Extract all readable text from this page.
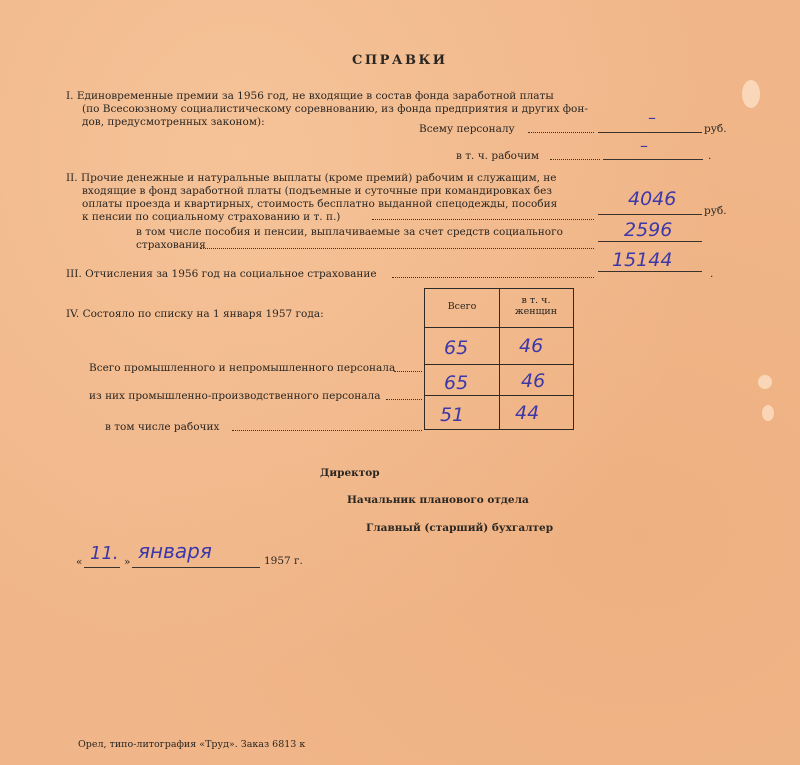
СПРАВКИ
I. Единовременные премии за 1956 год, не входящие в состав фонда заработной платы
(по Всесоюзному социалистическому соревнованию, из фонда предприятия и других фон-
дов, предусмотренных законом):
Всему персоналу
–
руб.
в т. ч. рабочим
–
.
II. Прочие денежные и натуральные выплаты (кроме премий) рабочим и служащим, не
входящие в фонд заработной платы (подъемные и суточные при командировках без
оплаты проезда и квартирных, стоимость бесплатно выданной спецодежды, пособия
к пенсии по социальному страхованию и т. п.)
4046
руб.
в том числе пособия и пенсии, выплачиваемые за счет средств социального
страхования
2596
III. Отчисления за 1956 год на социальное страхование
15144
.
IV. Состояло по списку на 1 января 1957 года:
Всего
в т. ч. женщин
Всего промышленного и непромышленного персонала
65	46
из них промышленно-производственного персонала
65	46
в том числе рабочих
51	44
Директор
Начальник планового отдела
Главный (старший) бухгалтер
« 11. » января	1957 г.
Орел, типо-литография «Труд». Заказ 6813 к
